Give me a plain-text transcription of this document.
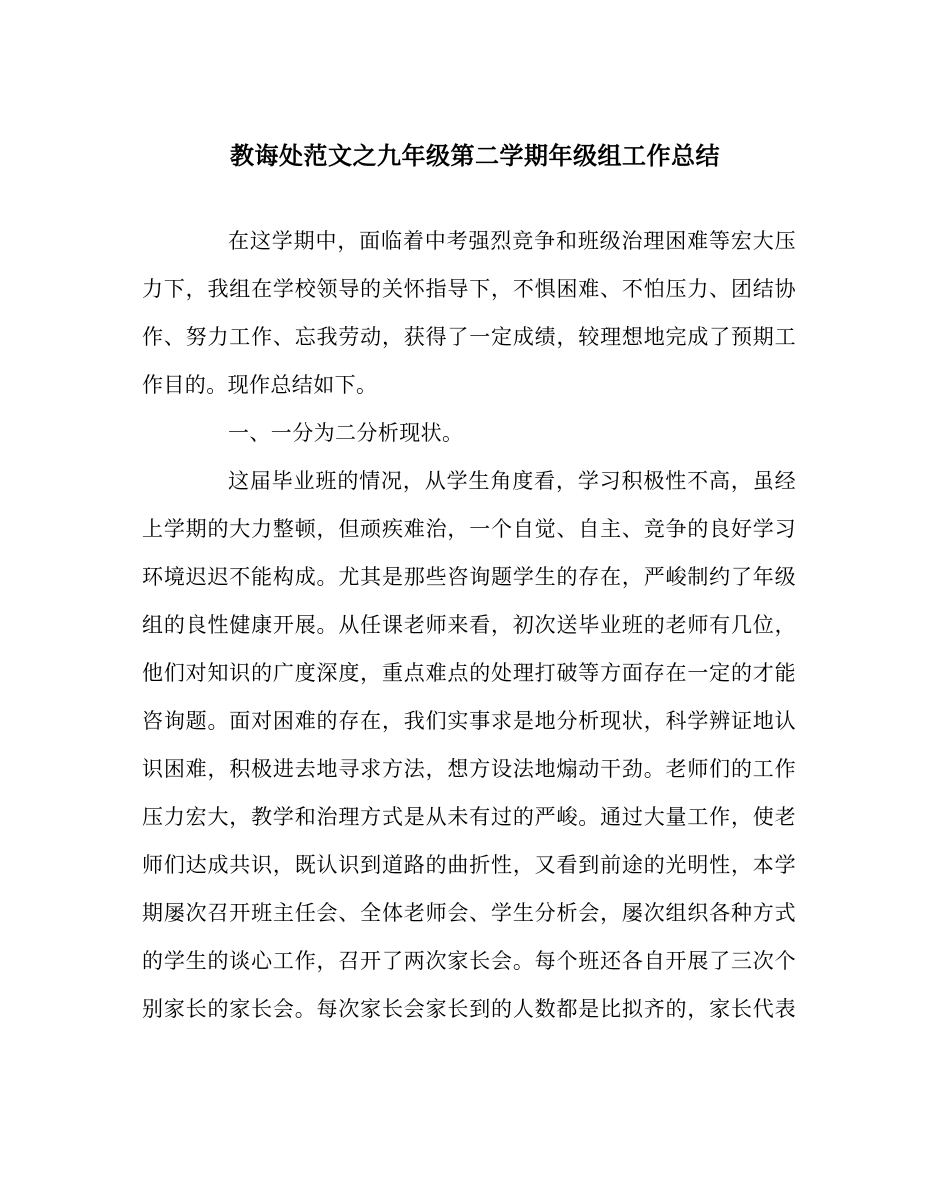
教诲处范文之九年级第二学期年级组工作总结
在这学期中，面临着中考强烈竞争和班级治理困难等宏大压
力下，我组在学校领导的关怀指导下，不惧困难、不怕压力、团结协
作、努力工作、忘我劳动，获得了一定成绩，较理想地完成了预期工
作目的。现作总结如下。
一、一分为二分析现状。
这届毕业班的情况，从学生角度看，学习积极性不高，虽经
上学期的大力整顿，但顽疾难治，一个自觉、自主、竞争的良好学习
环境迟迟不能构成。尤其是那些咨询题学生的存在，严峻制约了年级
组的良性健康开展。从任课老师来看，初次送毕业班的老师有几位，
他们对知识的广度深度，重点难点的处理打破等方面存在一定的才能
咨询题。面对困难的存在，我们实事求是地分析现状，科学辨证地认
识困难，积极进去地寻求方法，想方设法地煽动干劲。老师们的工作
压力宏大，教学和治理方式是从未有过的严峻。通过大量工作，使老
师们达成共识，既认识到道路的曲折性，又看到前途的光明性，本学
期屡次召开班主任会、全体老师会、学生分析会，屡次组织各种方式
的学生的谈心工作，召开了两次家长会。每个班还各自开展了三次个
别家长的家长会。每次家长会家长到的人数都是比拟齐的，家长代表
